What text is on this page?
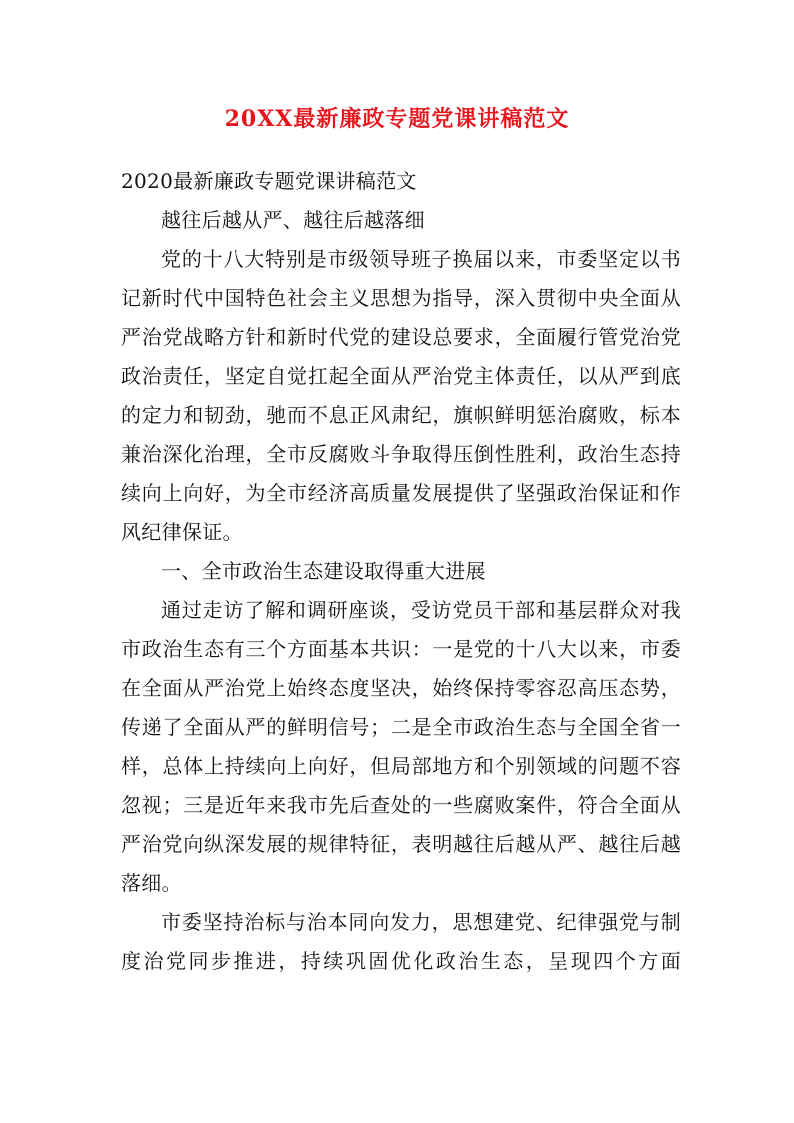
20XX最新廉政专题党课讲稿范文

2020最新廉政专题党课讲稿范文

越往后越从严、越往后越落细

党的十八大特别是市级领导班子换届以来，市委坚定以书记新时代中国特色社会主义思想为指导，深入贯彻中央全面从严治党战略方针和新时代党的建设总要求，全面履行管党治党政治责任，坚定自觉扛起全面从严治党主体责任，以从严到底的定力和韧劲，驰而不息正风肃纪，旗帜鲜明惩治腐败，标本兼治深化治理，全市反腐败斗争取得压倒性胜利，政治生态持续向上向好，为全市经济高质量发展提供了坚强政治保证和作风纪律保证。

一、全市政治生态建设取得重大进展

通过走访了解和调研座谈，受访党员干部和基层群众对我市政治生态有三个方面基本共识：一是党的十八大以来，市委在全面从严治党上始终态度坚决，始终保持零容忍高压态势，传递了全面从严的鲜明信号；二是全市政治生态与全国全省一样，总体上持续向上向好，但局部地方和个别领域的问题不容忽视；三是近年来我市先后查处的一些腐败案件，符合全面从严治党向纵深发展的规律特征，表明越往后越从严、越往后越落细。

市委坚持治标与治本同向发力，思想建党、纪律强党与制度治党同步推进，持续巩固优化政治生态，呈现四个方面
